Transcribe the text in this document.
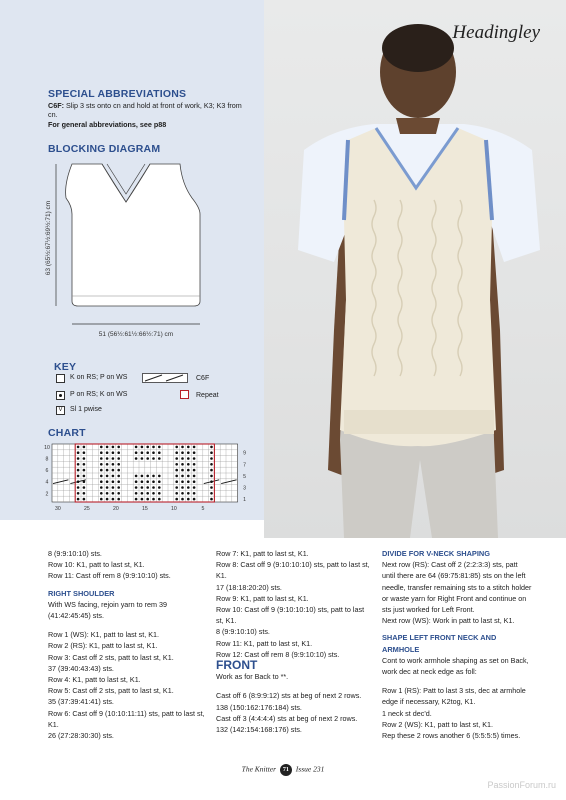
SPECIAL ABBREVIATIONS
C6F: Slip 3 sts onto cn and hold at front of work, K3; K3 from cn.
For general abbreviations, see p88
BLOCKING DIAGRAM
63 (65½:67½:69½:71) cm
51 (56½:61½:66½:71) cm
KEY
K on RS; P on WS
P on RS; K on WS
V	Sl 1 pwise
C6F
Repeat
CHART
10
8
6
4
2
9
7
5
3
1
30	25	20	15	10	5
Headingley

8 (9:9:10:10) sts.

Row 10: K1, patt to last st, K1.

Row 11: Cast off rem 8 (9:9:10:10) sts.

RIGHT SHOULDER

With WS facing, rejoin yarn to rem 39 (41:42:45:45) sts.

Row 1 (WS): K1, patt to last st, K1.

Row 2 (RS): K1, patt to last st, K1.

Row 3: Cast off 2 sts, patt to last st, K1.

37 (39:40:43:43) sts.

Row 4: K1, patt to last st, K1.

Row 5: Cast off 2 sts, patt to last st, K1.

35 (37:39:41:41) sts.

Row 6: Cast off 9 (10:10:11:11) sts, patt to last st, K1.

26 (27:28:30:30) sts.

Row 7: K1, patt to last st, K1.

Row 8: Cast off 9 (9:10:10:10) sts, patt to last st, K1.

17 (18:18:20:20) sts.

Row 9: K1, patt to last st, K1.

Row 10: Cast off 9 (9:10:10:10) sts, patt to last st, K1.

8 (9:9:10:10) sts.

Row 11: K1, patt to last st, K1.

Row 12: Cast off rem 8 (9:9:10:10) sts.

FRONT

Work as for Back to **.

Cast off 6 (8:9:9:12) sts at beg of next 2 rows.

138 (150:162:176:184) sts.

Cast off 3 (4:4:4:4) sts at beg of next 2 rows.

132 (142:154:168:176) sts.

DIVIDE FOR V-NECK SHAPING

Next row (RS): Cast off 2 (2:2:3:3) sts, patt until there are 64 (69:75:81:85) sts on the left needle, transfer remaining sts to a stitch holder or waste yarn for Right Front and continue on sts just worked for Left Front.

Next row (WS): Work in patt to last st, K1.

SHAPE LEFT FRONT NECK AND ARMHOLE

Cont to work armhole shaping as set on Back, work dec at neck edge as foll:

Row 1 (RS): Patt to last 3 sts, dec at armhole edge if necessary, K2tog, K1.

1 neck st dec'd.

Row 2 (WS): K1, patt to last st, K1.

Rep these 2 rows another 6 (5:5:5:5) times.

The Knitter 71 Issue 231
PassionForum.ru
